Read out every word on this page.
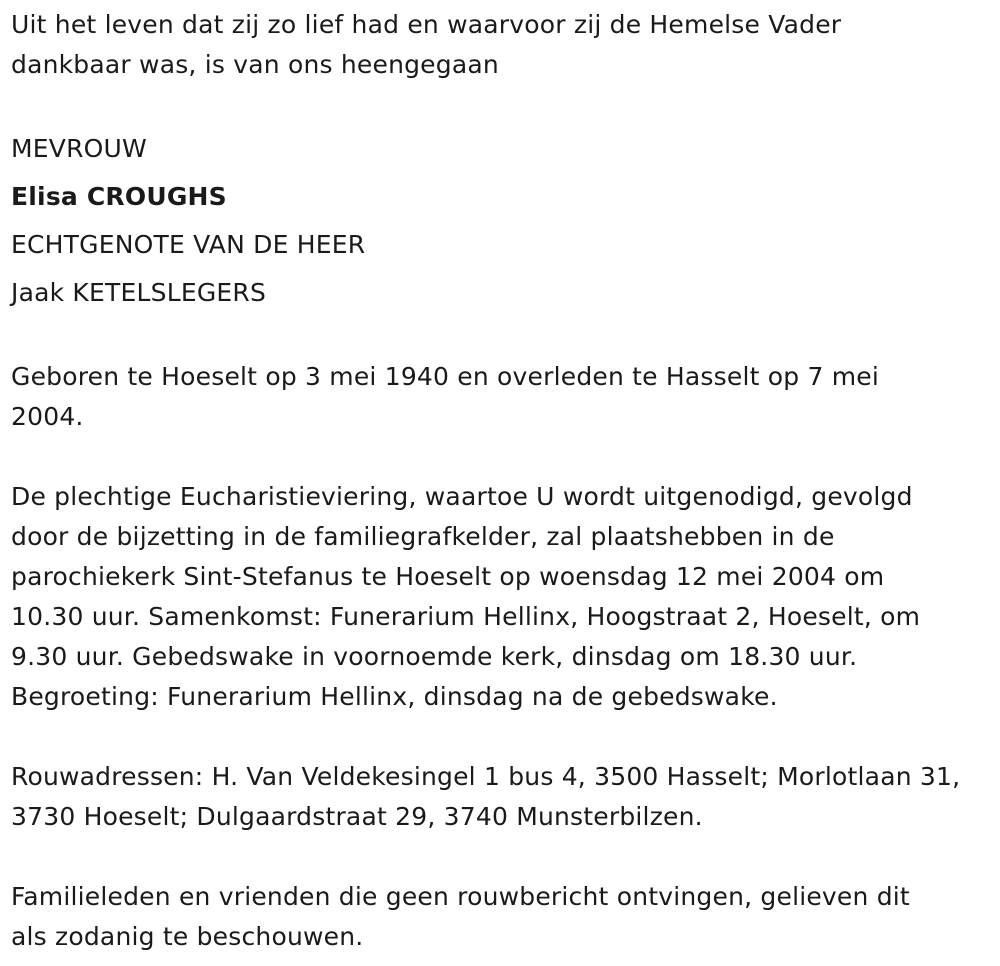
Uit het leven dat zij zo lief had en waarvoor zij de Hemelse Vader
dankbaar was, is van ons heengegaan
MEVROUW
Elisa CROUGHS
ECHTGENOTE VAN DE HEER
Jaak KETELSLEGERS
Geboren te Hoeselt op 3 mei 1940 en overleden te Hasselt op 7 mei
2004.
De plechtige Eucharistieviering, waartoe U wordt uitgenodigd, gevolgd
door de bijzetting in de familiegrafkelder, zal plaatshebben in de
parochiekerk Sint-Stefanus te Hoeselt op woensdag 12 mei 2004 om
10.30 uur. Samenkomst: Funerarium Hellinx, Hoogstraat 2, Hoeselt, om
9.30 uur. Gebedswake in voornoemde kerk, dinsdag om 18.30 uur.
Begroeting: Funerarium Hellinx, dinsdag na de gebedswake.
Rouwadressen: H. Van Veldekesingel 1 bus 4, 3500 Hasselt; Morlotlaan 31,
3730 Hoeselt; Dulgaardstraat 29, 3740 Munsterbilzen.
Familieleden en vrienden die geen rouwbericht ontvingen, gelieven dit
als zodanig te beschouwen.
